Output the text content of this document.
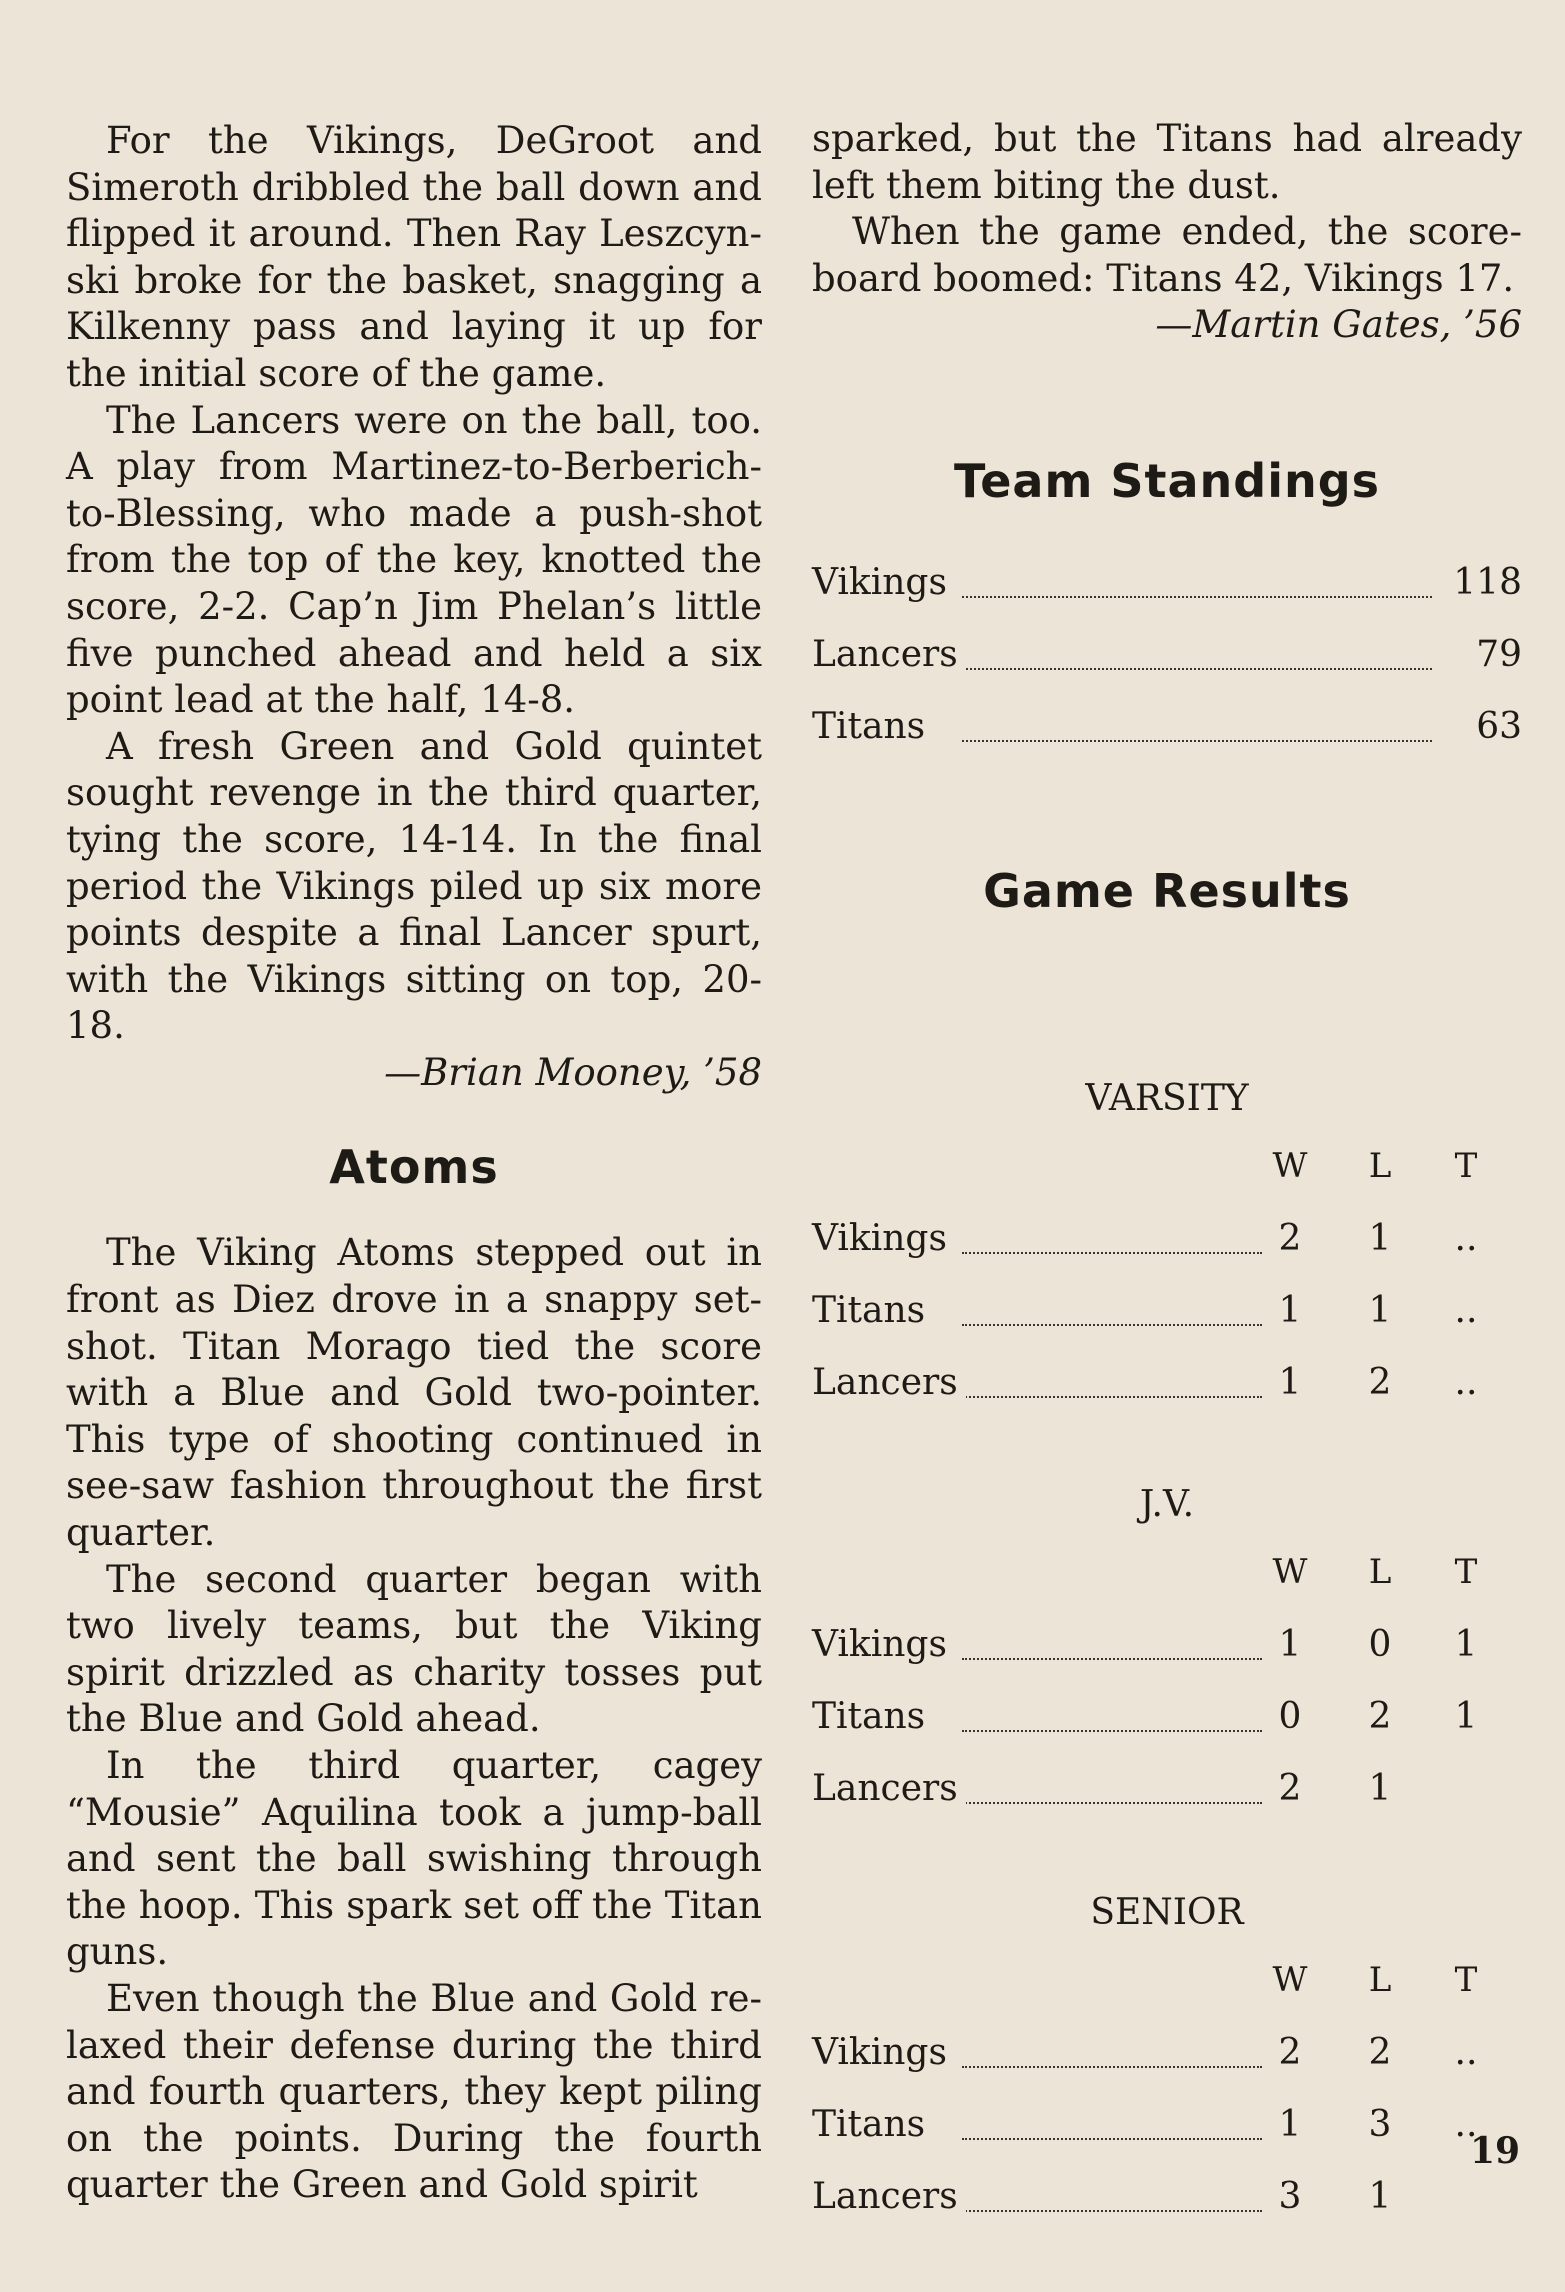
For the Vikings, DeGroot and Simeroth dribbled the ball down and flipped it around. Then Ray Leszcynski broke for the basket, snagging a Kilkenny pass and laying it up for the initial score of the game.

The Lancers were on the ball, too. A play from Martinez-to-Berberich-to-Blessing, who made a push-shot from the top of the key, knotted the score, 2-2. Cap’n Jim Phelan’s little five punched ahead and held a six point lead at the half, 14-8.

A fresh Green and Gold quintet sought revenge in the third quarter, tying the score, 14-14. In the final period the Vikings piled up six more points despite a final Lancer spurt, with the Vikings sitting on top, 20-18.

—Brian Mooney, ’58

Atoms

The Viking Atoms stepped out in front as Diez drove in a snappy set-shot. Titan Morago tied the score with a Blue and Gold two-pointer. This type of shooting continued in see-saw fashion throughout the first quarter.

The second quarter began with two lively teams, but the Viking spirit drizzled as charity tosses put the Blue and Gold ahead.

In the third quarter, cagey “Mousie” Aquilina took a jump-ball and sent the ball swishing through the hoop. This spark set off the Titan guns.

Even though the Blue and Gold relaxed their defense during the third and fourth quarters, they kept piling on the points. During the fourth quarter the Green and Gold spirit

sparked, but the Titans had already left them biting the dust.

When the game ended, the scoreboard boomed: Titans 42, Vikings 17.

—Martin Gates, ’56

Team Standings
Vikings	118
Lancers	79
Titans	63
Game Results
VARSITY
W	L	T
Vikings	2	1	..
Titans	1	1	..
Lancers	1	2	..
J.V.
W	L	T
Vikings	1	0	1
Titans	0	2	1
Lancers	2	1
SENIOR
W	L	T
Vikings	2	2	..
Titans	1	3	..
Lancers	3	1
19
